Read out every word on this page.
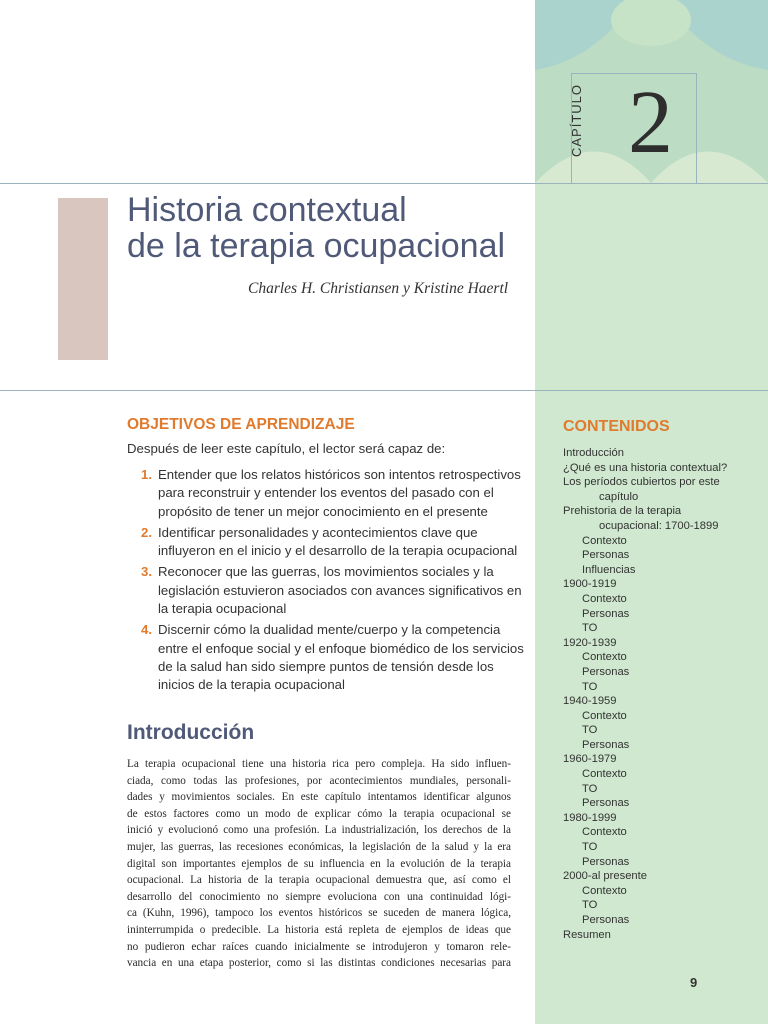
CAPÍTULO 2
Historia contextual
de la terapia ocupacional
Charles H. Christiansen y Kristine Haertl
OBJETIVOS DE APRENDIZAJE
Después de leer este capítulo, el lector será capaz de:
1. Entender que los relatos históricos son intentos retrospectivos para reconstruir y entender los eventos del pasado con el propósito de tener un mejor conocimiento en el presente
2. Identificar personalidades y acontecimientos clave que influyeron en el inicio y el desarrollo de la terapia ocupacional
3. Reconocer que las guerras, los movimientos sociales y la legislación estuvieron asociados con avances significativos en la terapia ocupacional
4. Discernir cómo la dualidad mente/cuerpo y la competencia entre el enfoque social y el enfoque biomédico de los servicios de la salud han sido siempre puntos de tensión desde los inicios de la terapia ocupacional
Introducción
La terapia ocupacional tiene una historia rica pero compleja. Ha sido influen-
ciada, como todas las profesiones, por acontecimientos mundiales, personali-
dades y movimientos sociales. En este capítulo intentamos identificar algunos
de estos factores como un modo de explicar cómo la terapia ocupacional se
inició y evolucionó como una profesión. La industrialización, los derechos de la
mujer, las guerras, las recesiones económicas, la legislación de la salud y la era
digital son importantes ejemplos de su influencia en la evolución de la terapia
ocupacional. La historia de la terapia ocupacional demuestra que, así como el
desarrollo del conocimiento no siempre evoluciona con una continuidad lógi-
ca (Kuhn, 1996), tampoco los eventos históricos se suceden de manera lógica,
ininterrumpida o predecible. La historia está repleta de ejemplos de ideas que
no pudieron echar raíces cuando inicialmente se introdujeron y tomaron rele-
vancia en una etapa posterior, como si las distintas condiciones necesarias para
CONTENIDOS
Introducción
¿Qué es una historia contextual?
Los períodos cubiertos por este
capítulo
Prehistoria de la terapia
ocupacional: 1700-1899
Contexto
Personas
Influencias
1900-1919
Contexto
Personas
TO
1920-1939
Contexto
Personas
TO
1940-1959
Contexto
TO
Personas
1960-1979
Contexto
TO
Personas
1980-1999
Contexto
TO
Personas
2000-al presente
Contexto
TO
Personas
Resumen
9
